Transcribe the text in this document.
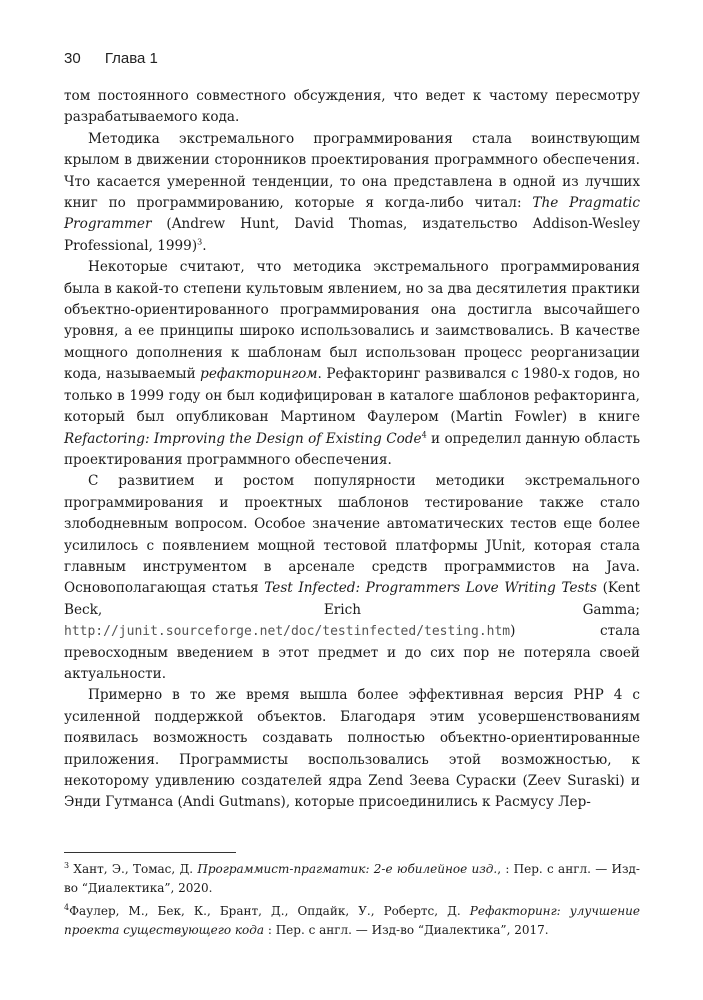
30 Глава 1

том постоянного совместного обсуждения, что ведет к частому пересмотру разрабатываемого кода.

Методика экстремального программирования стала воинствующим крылом в движении сторонников проектирования программного обеспечения. Что касается умеренной тенденции, то она представлена в одной из лучших книг по программированию, которые я когда-либо читал: The Pragmatic Programmer (Andrew Hunt, David Thomas, издательство Addison-Wesley Professional, 1999)$^3$.

Некоторые считают, что методика экстремального программирования была в какой-то степени культовым явлением, но за два десятилетия практики объектно-ориентированного программирования она достигла высочайшего уровня, а ее принципы широко использовались и заимствовались. В качестве мощного дополнения к шаблонам был использован процесс реорганизации кода, называемый рефакторингом. Рефакторинг развивался с 1980-х годов, но только в 1999 году он был кодифицирован в каталоге шаблонов рефакторинга, который был опубликован Мартином Фаулером (Martin Fowler) в книге Refactoring: Improving the Design of Existing Code$^4$ и определил данную область проектирования программного обеспечения.

С развитием и ростом популярности методики экстремального программирования и проектных шаблонов тестирование также стало злободневным вопросом. Особое значение автоматических тестов еще более усилилось с появлением мощной тестовой платформы JUnit, которая стала главным инструментом в арсенале средств программистов на Java. Основополагающая статья Test Infected: Programmers Love Writing Tests (Kent Beck, Erich Gamma; http://junit.sourceforge.net/doc/testinfected/testing.htm) стала превосходным введением в этот предмет и до сих пор не потеряла своей актуальности.

Примерно в то же время вышла более эффективная версия PHP 4 с усиленной поддержкой объектов. Благодаря этим усовершенствованиям появилась возможность создавать полностью объектно-ориентированные приложения. Программисты воспользовались этой возможностью, к некоторому удивлению создателей ядра Zend Зеева Сураски (Zeev Suraski) и Энди Гутманса (Andi Gutmans), которые присоединились к Расмусу Лер-

$^3$ Хант, Э., Томас, Д. Программист-прагматик: 2-е юбилейное изд., : Пер. с англ. — Изд-во “Диалектика”, 2020.

$^4$Фаулер, М., Бек, К., Брант, Д., Опдайк, У., Робертс, Д. Рефакторинг: улучшение проекта существующего кода : Пер. с англ. — Изд-во “Диалектика”, 2017.
